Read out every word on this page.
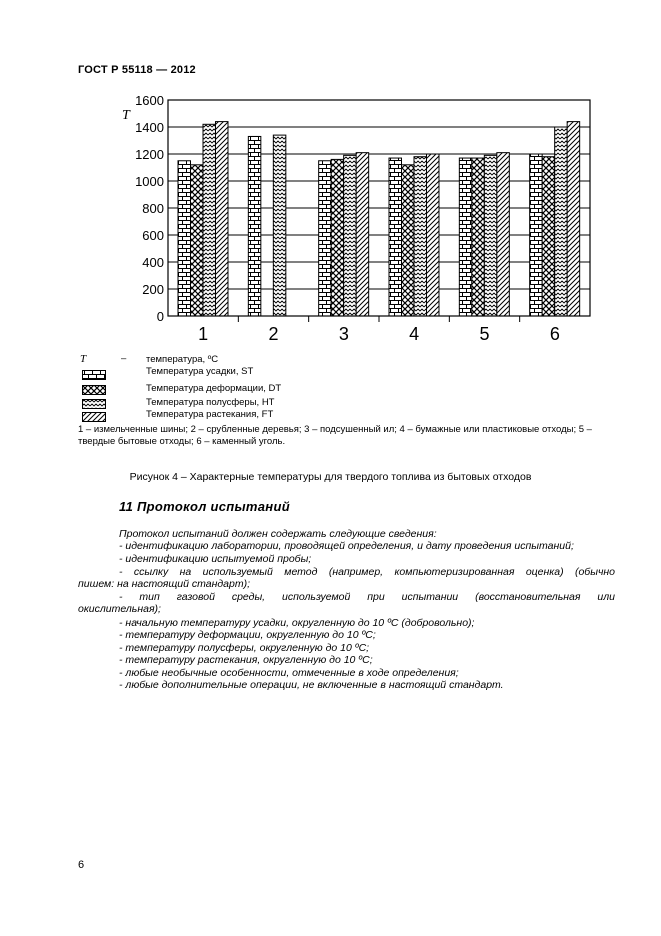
ГОСТ Р 55118 — 2012
T
0
200
400
600
800
1000
1200
1400
1600
1	2	3	4	5	6
T	– температура, ºС
Температура усадки, ST
Температура деформации, DT
Температура полусферы, HT
Температура растекания, FT
1 – измельченные шины; 2 – срубленные деревья; 3 – подсушенный ил; 4 – бумажные или пластиковые отходы; 5 – твердые бытовые отходы; 6 – каменный уголь.
Рисунок 4 – Характерные температуры для твердого топлива из бытовых отходов
11 Протокол испытаний
Протокол испытаний должен содержать следующие сведения:
- идентификацию лаборатории, проводящей определения, и дату проведения испытаний;
- идентификацию испытуемой пробы;
- ссылку на используемый метод (например, компьютеризированная оценка) (обычно
пишем: на настоящий стандарт);
- тип газовой среды, используемой при испытании (восстановительная или
окислительная);
- начальную температуру усадки, округленную до 10 ºС (добровольно);
- температуру деформации, округленную до 10 ºС;
- температуру полусферы, округленную до 10 ºС;
- температуру растекания, округленную до 10 ºС;
- любые необычные особенности, отмеченные в ходе определения;
- любые дополнительные операции, не включенные в настоящий стандарт.
6
